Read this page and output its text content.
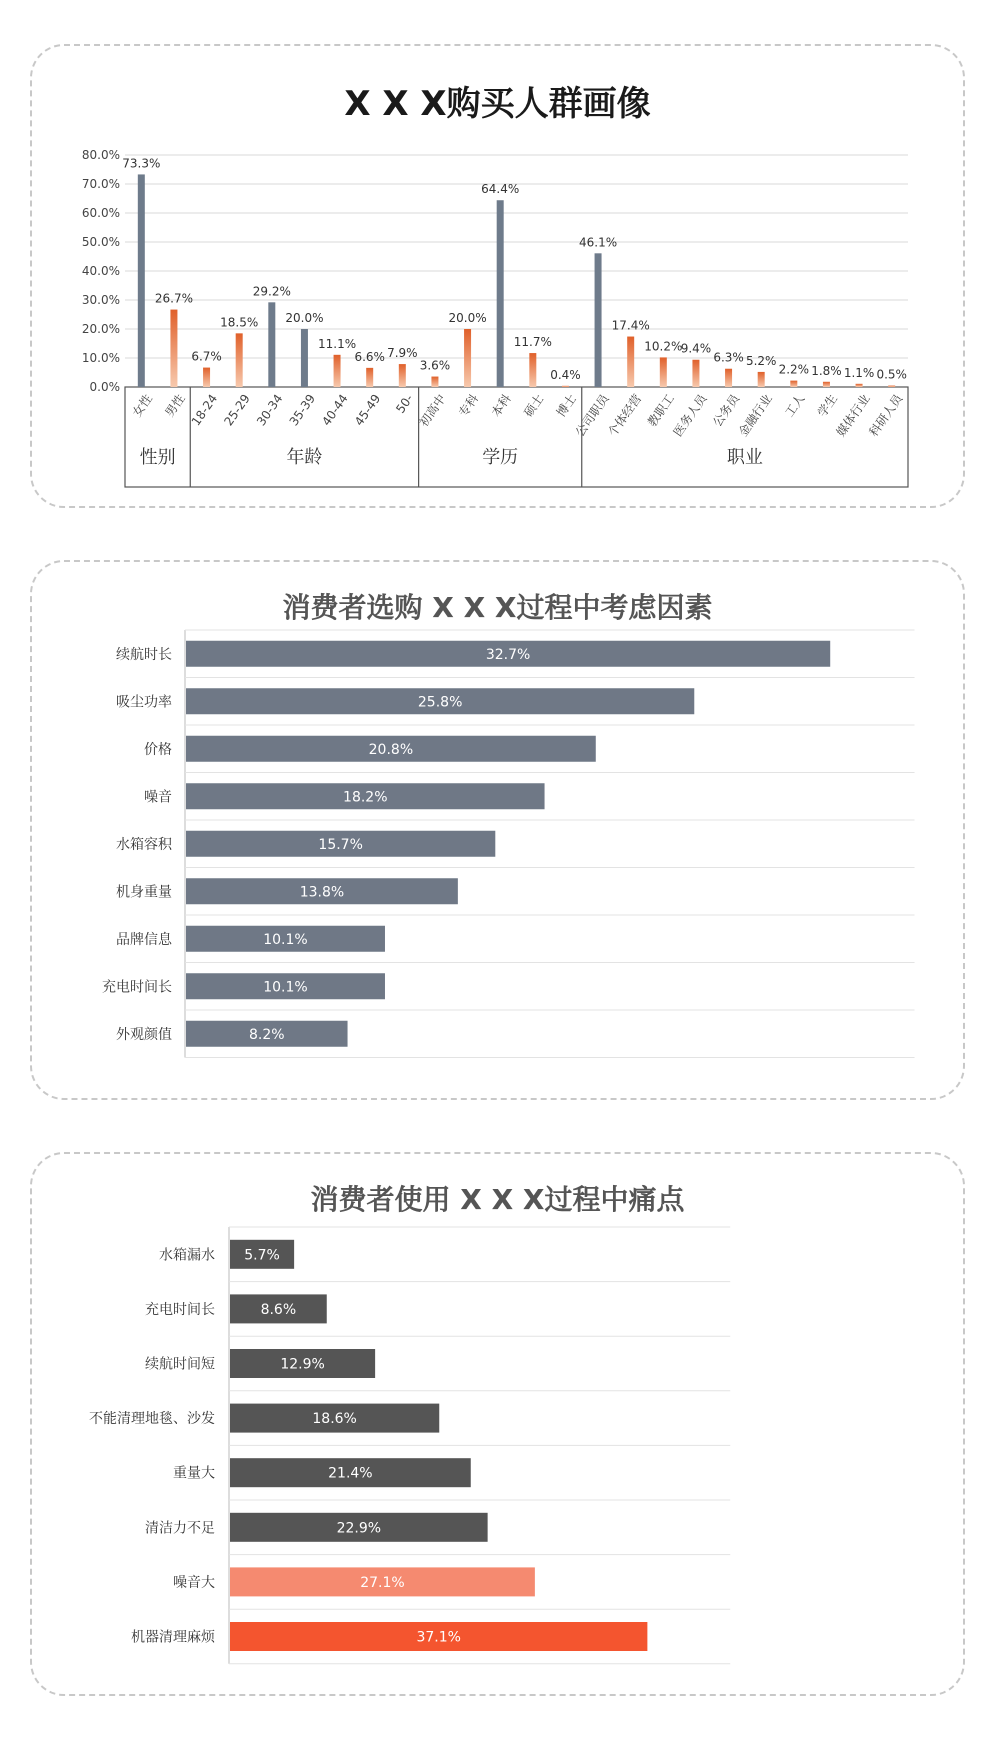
X X X购买人群画像
消费者选购 X X X过程中考虑因素
消费者使用 X X X过程中痛点
0.0%
10.0%
20.0%
30.0%
40.0%
50.0%
60.0%
70.0%
80.0%
73.3%
女性
26.7%
男性
性别
6.7%
18-24
18.5%
25-29
29.2%
30-34
20.0%
35-39
11.1%
40-44
6.6%
45-49
7.9%
50-
年龄
3.6%
初高中
20.0%
专科
64.4%
本科
11.7%
硕士
0.4%
博士
学历
46.1%
公司职员
17.4%
个体经营
10.2%
教职工
9.4%
医务人员
6.3%
公务员
5.2%
金融行业
2.2%
工人
1.8%
学生
1.1%
媒体行业
0.5%
科研人员
职业
32.7%
续航时长
25.8%
吸尘功率
20.8%
价格
18.2%
噪音
15.7%
水箱容积
13.8%
机身重量
10.1%
品牌信息
10.1%
充电时间长
8.2%
外观颜值
5.7%
水箱漏水
8.6%
充电时间长
12.9%
续航时间短
18.6%
不能清理地毯、沙发
21.4%
重量大
22.9%
清洁力不足
27.1%
噪音大
37.1%
机器清理麻烦
